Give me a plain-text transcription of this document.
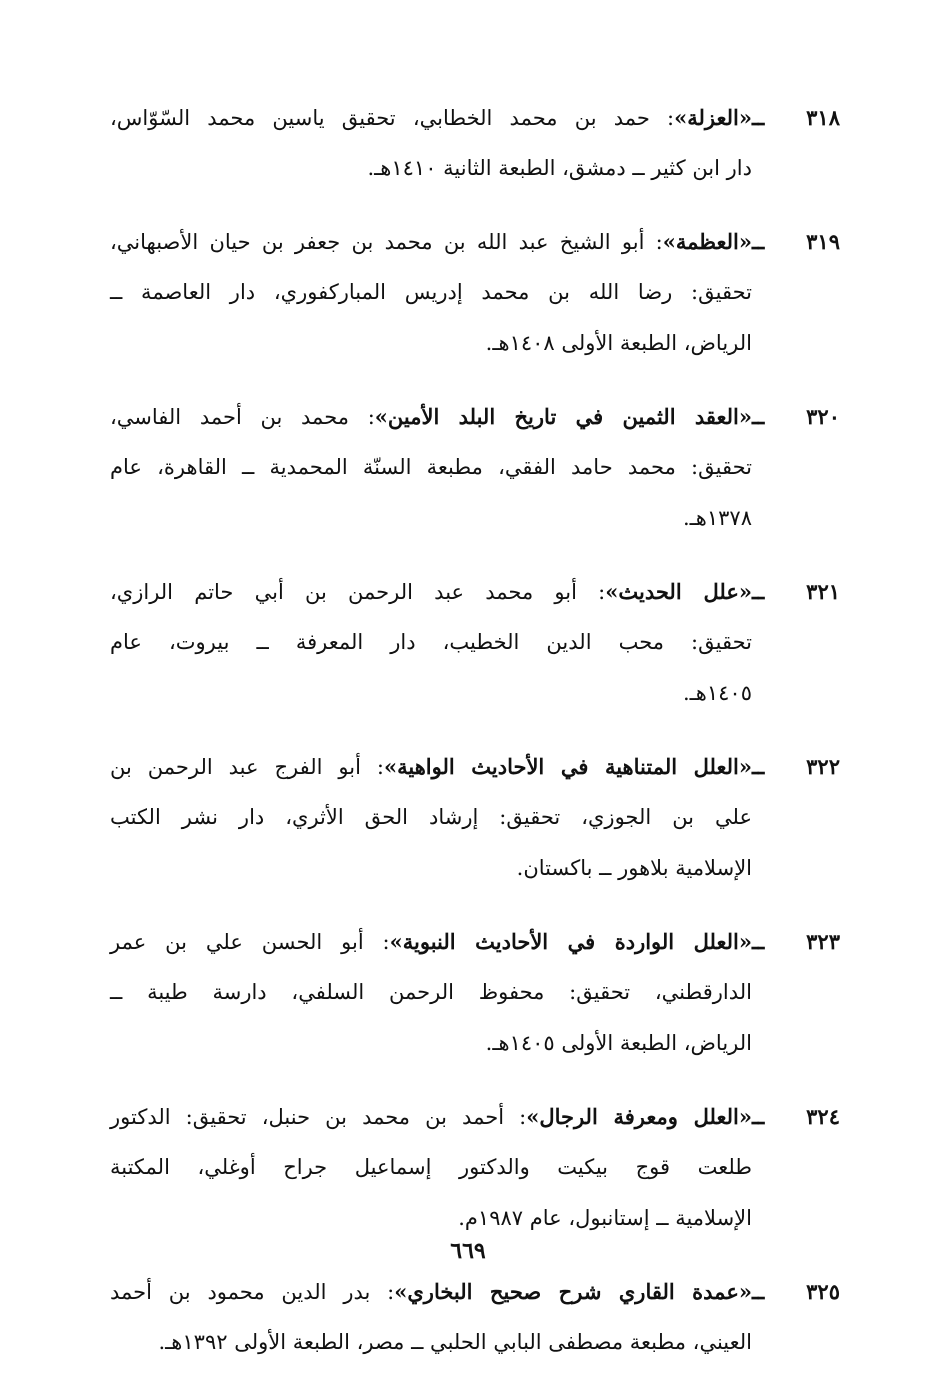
٣١٨ ــ«العزلة»: حمد بن محمد الخطابي، تحقيق ياسين محمد السّوّاس،
دار ابن كثير ــ دمشق، الطبعة الثانية ١٤١٠هـ.
٣١٩ ــ«العظمة»: أبو الشيخ عبد الله بن محمد بن جعفر بن حيان الأصبهاني،
تحقيق: رضا الله بن محمد إدريس المباركفوري، دار العاصمة ــ
الرياض، الطبعة الأولى ١٤٠٨هـ.
٣٢٠ ــ«العقد الثمين في تاريخ البلد الأمين»: محمد بن أحمد الفاسي،
تحقيق: محمد حامد الفقي، مطبعة السنّة المحمدية ــ القاهرة، عام
١٣٧٨هـ.
٣٢١ ــ«علل الحديث»: أبو محمد عبد الرحمن بن أبي حاتم الرازي،
تحقيق: محب الدين الخطيب، دار المعرفة ــ بيروت، عام
١٤٠٥هـ.
٣٢٢ ــ«العلل المتناهية في الأحاديث الواهية»: أبو الفرج عبد الرحمن بن
علي بن الجوزي، تحقيق: إرشاد الحق الأثري، دار نشر الكتب
الإسلامية بلاهور ــ باكستان.
٣٢٣ ــ«العلل الواردة في الأحاديث النبوية»: أبو الحسن علي بن عمر
الدارقطني، تحقيق: محفوظ الرحمن السلفي، دارسة طيبة ــ
الرياض، الطبعة الأولى ١٤٠٥هـ.
٣٢٤ ــ«العلل ومعرفة الرجال»: أحمد بن محمد بن حنبل، تحقيق: الدكتور
طلعت قوج بيكيت والدكتور إسماعيل جراح أوغلي، المكتبة
الإسلامية ــ إستانبول، عام ١٩٨٧م.
٣٢٥ ــ«عمدة القاري شرح صحيح البخاري»: بدر الدين محمود بن أحمد
العيني، مطبعة مصطفى البابي الحلبي ــ مصر، الطبعة الأولى ١٣٩٢هـ.
٦٦٩
